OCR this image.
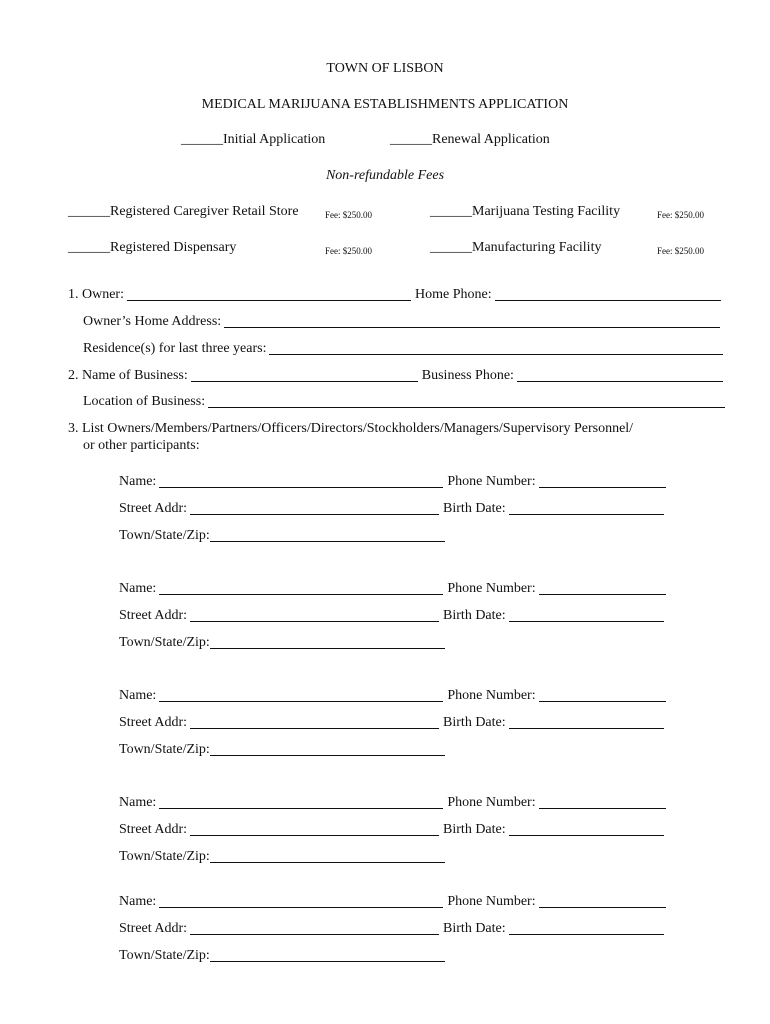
TOWN OF LISBON
MEDICAL MARIJUANA ESTABLISHMENTS APPLICATION
______Initial Application	______Renewal Application
Non-refundable Fees
______Registered Caregiver Retail Store	Fee: $250.00	______Marijuana Testing Facility	Fee: $250.00
______Registered Dispensary	Fee: $250.00	______Manufacturing Facility	Fee: $250.00
1. Owner:	Home Phone:
Owner’s Home Address:
Residence(s) for last three years:
2. Name of Business:	Business Phone:
Location of Business:
3. List Owners/Members/Partners/Officers/Directors/Stockholders/Managers/Supervisory Personnel/
or other participants:
Name:	Phone Number:
Street Addr:	Birth Date:
Town/State/Zip:
Name:	Phone Number:
Street Addr:	Birth Date:
Town/State/Zip:
Name:	Phone Number:
Street Addr:	Birth Date:
Town/State/Zip:
Name:	Phone Number:
Street Addr:	Birth Date:
Town/State/Zip:
Name:	Phone Number:
Street Addr:	Birth Date:
Town/State/Zip:
